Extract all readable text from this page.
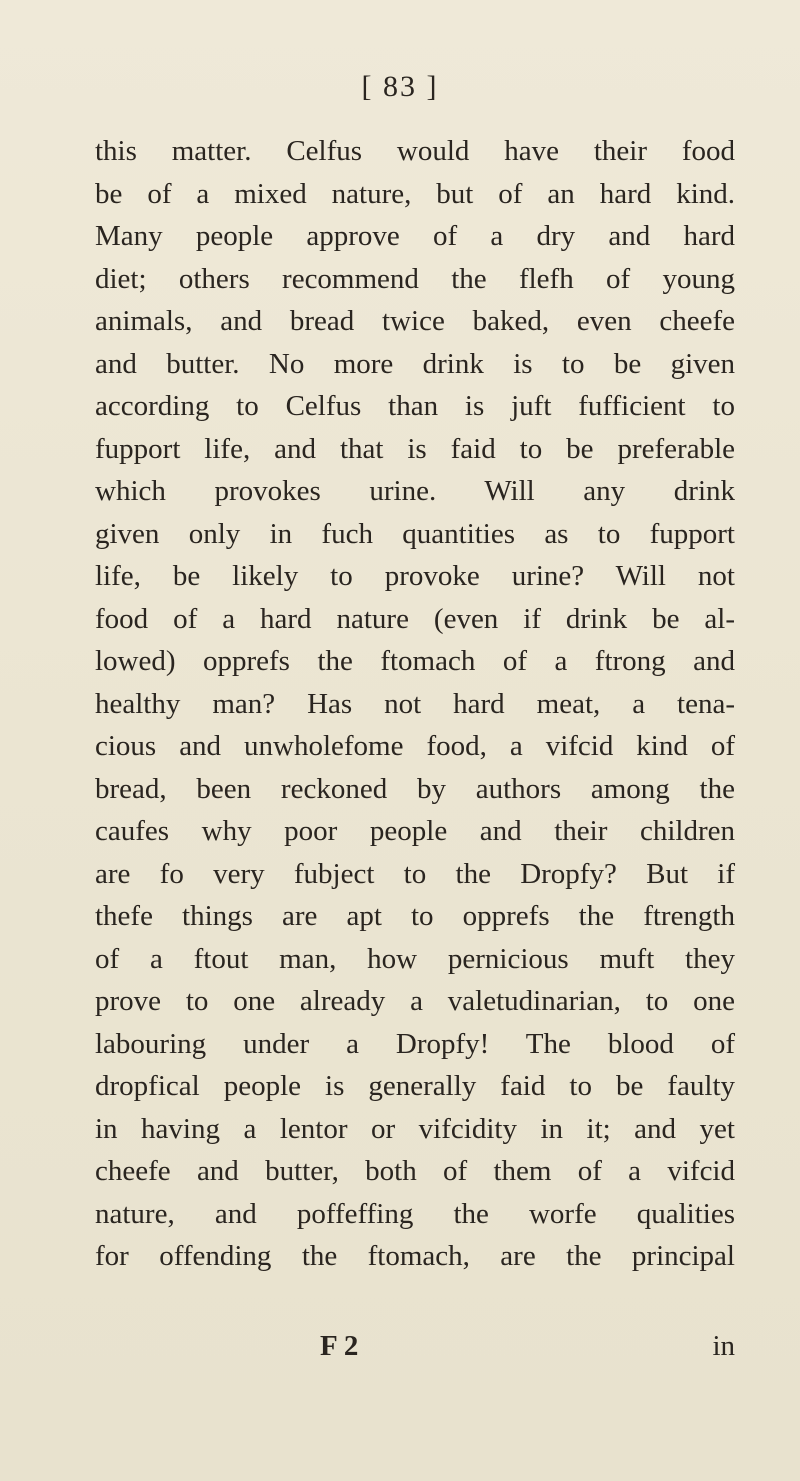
[ 83 ]
this matter. Celfus would have their food
be of a mixed nature, but of an hard kind.
Many people approve of a dry and hard
diet; others recommend the flefh of young
animals, and bread twice baked, even cheefe
and butter. No more drink is to be given
according to Celfus than is juft fufficient to
fupport life, and that is faid to be preferable
which provokes urine. Will any drink
given only in fuch quantities as to fupport
life, be likely to provoke urine? Will not
food of a hard nature (even if drink be al-
lowed) opprefs the ftomach of a ftrong and
healthy man? Has not hard meat, a tena-
cious and unwholefome food, a vifcid kind of
bread, been reckoned by authors among the
caufes why poor people and their children
are fo very fubject to the Dropfy? But if
thefe things are apt to opprefs the ftrength
of a ftout man, how pernicious muft they
prove to one already a valetudinarian, to one
labouring under a Dropfy! The blood of
dropfical people is generally faid to be faulty
in having a lentor or vifcidity in it; and yet
cheefe and butter, both of them of a vifcid
nature, and poffeffing the worfe qualities
for offending the ftomach, are the principal
F 2	in
